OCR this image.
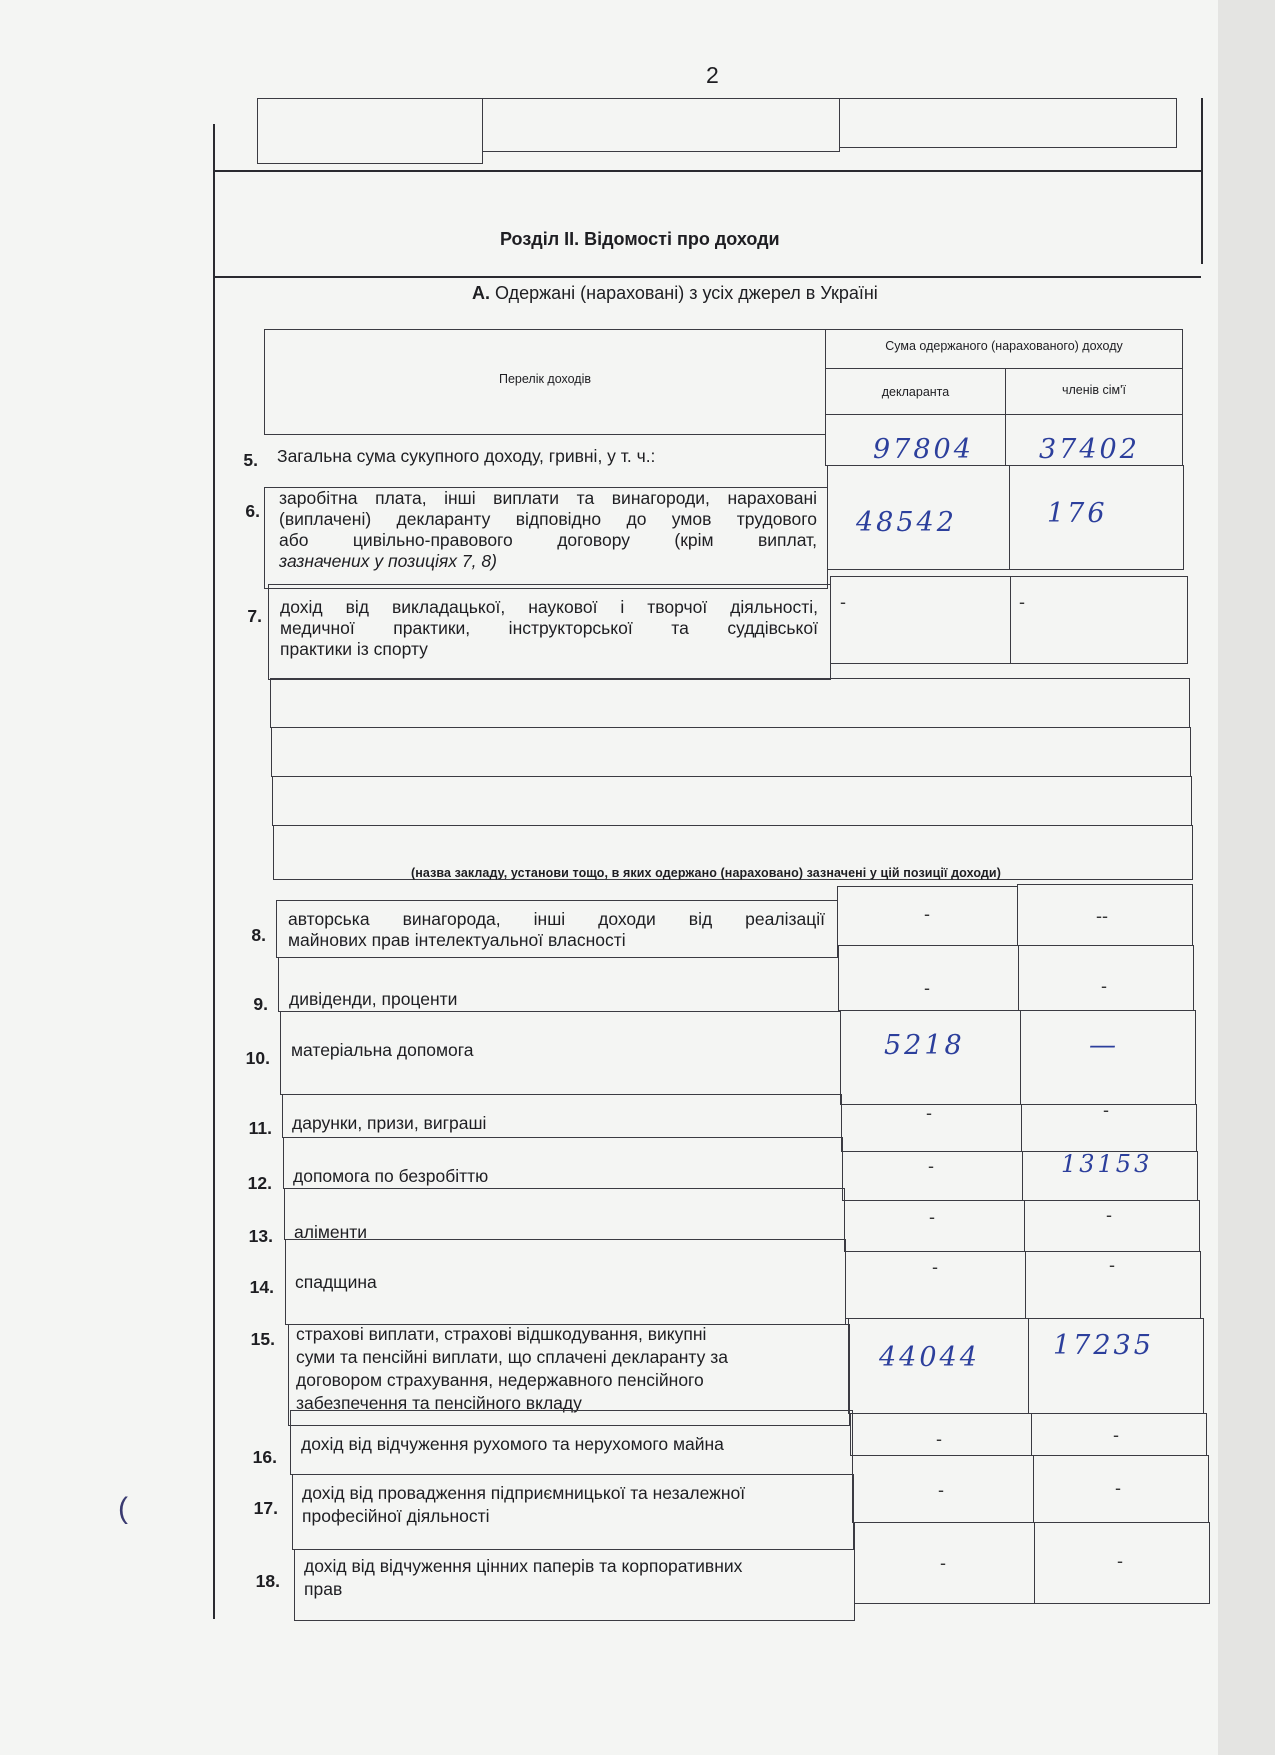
2
Розділ ІІ. Відомості про доходи
А. Одержані (нараховані) з усіх джерел в Україні
Перелік доходів
Сума одержаного (нарахованого) доходу
декларанта	членів сім'ї
5. Загальна сума сукупного доходу, гривні, у т. ч.:	97804 37402
6.
заробітна плата, інші виплати та винагороди, нараховані
(виплачені) декларанту відповідно до умов трудового
або цивільно-правового договору (крім виплат,
зазначених у позиціях 7, 8)
48542	176
7. дохід від викладацької, наукової і творчої діяльності,
медичної практики, інструкторської та суддівської
практики із спорту
-	-
(назва закладу, установи тощо, в яких одержано (нараховано) зазначені у цій позиції доходи)
8.
авторська винагорода, інші доходи від реалізації
майнових прав інтелектуальної власності
-	--
9. дивіденди, проценти
-	-
10. матеріальна допомога	5218	—
11. дарунки, призи, виграші	-	-
12. допомога по безробіттю	-	13153
13. аліменти
-	-
14. спадщина
-	-
15. страхові виплати, страхові відшкодування, викупні
суми та пенсійні виплати, що сплачені декларанту за
договором страхування, недержавного пенсійного
забезпечення та пенсійного вкладу
44044	17235
16.
дохід від відчуження рухомого та нерухомого майна	-	-
17.
дохід від провадження підприємницької та незалежної
професійної діяльності
-	-
18.
дохід від відчуження цінних паперів та корпоративних
прав
-	-
(
